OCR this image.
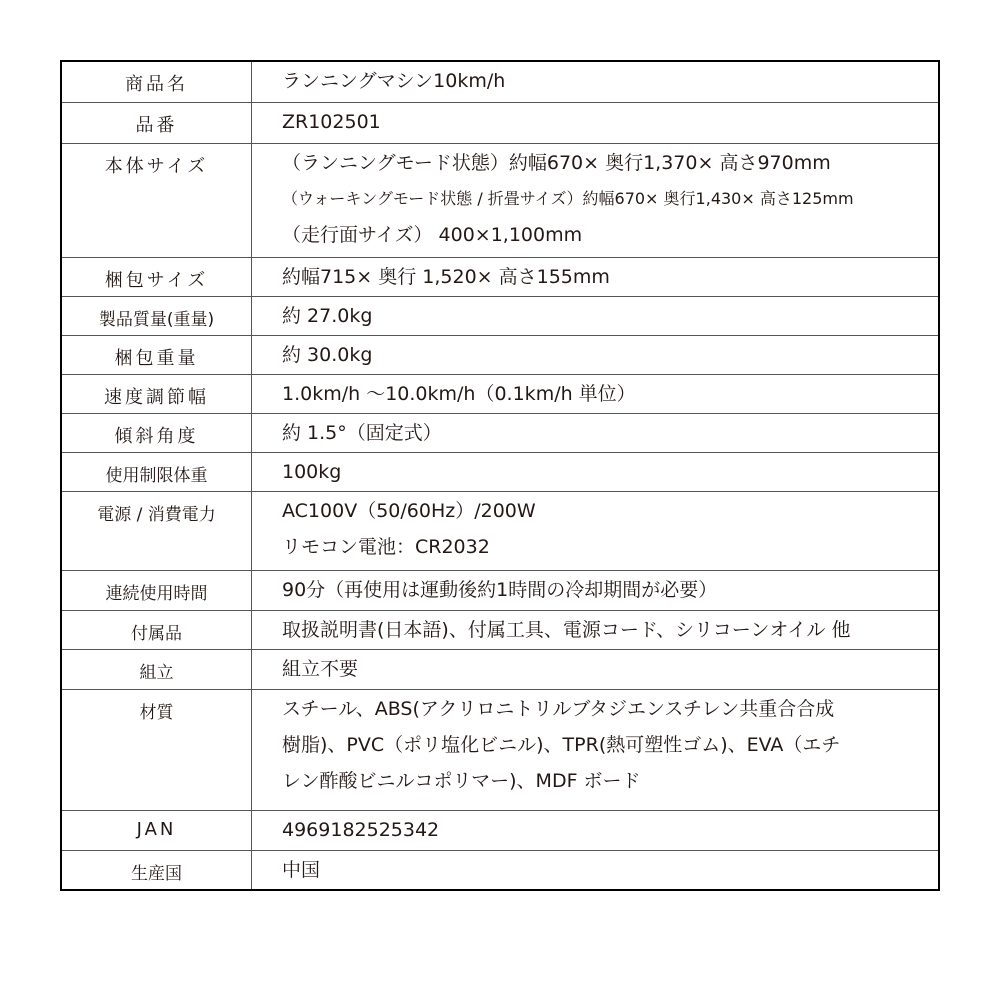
商品名	ランニングマシン10km/h
品番	ZR102501
本体サイズ	（ランニングモード状態）約幅670× 奥行1,370× 高さ970mm
（ウォーキングモード状態 / 折畳サイズ）約幅670× 奥行1,430× 高さ125mm
（走行面サイズ） 400×1,100mm
梱包サイズ	約幅715× 奥行 1,520× 高さ155mm
製品質量(重量)	約 27.0kg
梱包重量	約 30.0kg
速度調節幅	1.0km/h 〜10.0km/h（0.1km/h 単位）
傾斜角度	約 1.5°（固定式）
使用制限体重	100kg
電源 / 消費電力	AC100V（50/60Hz）/200W
リモコン電池：CR2032
連続使用時間	90分（再使用は運動後約1時間の冷却期間が必要）
付属品	取扱説明書(日本語)、付属工具、電源コード、シリコーンオイル 他
組立	組立不要
材質	スチール、ABS(アクリロニトリルブタジエンスチレン共重合合成
樹脂)、PVC（ポリ塩化ビニル)、TPR(熱可塑性ゴム)、EVA（エチ
レン酢酸ビニルコポリマー)、MDF ボード
JAN	4969182525342
生産国	中国
